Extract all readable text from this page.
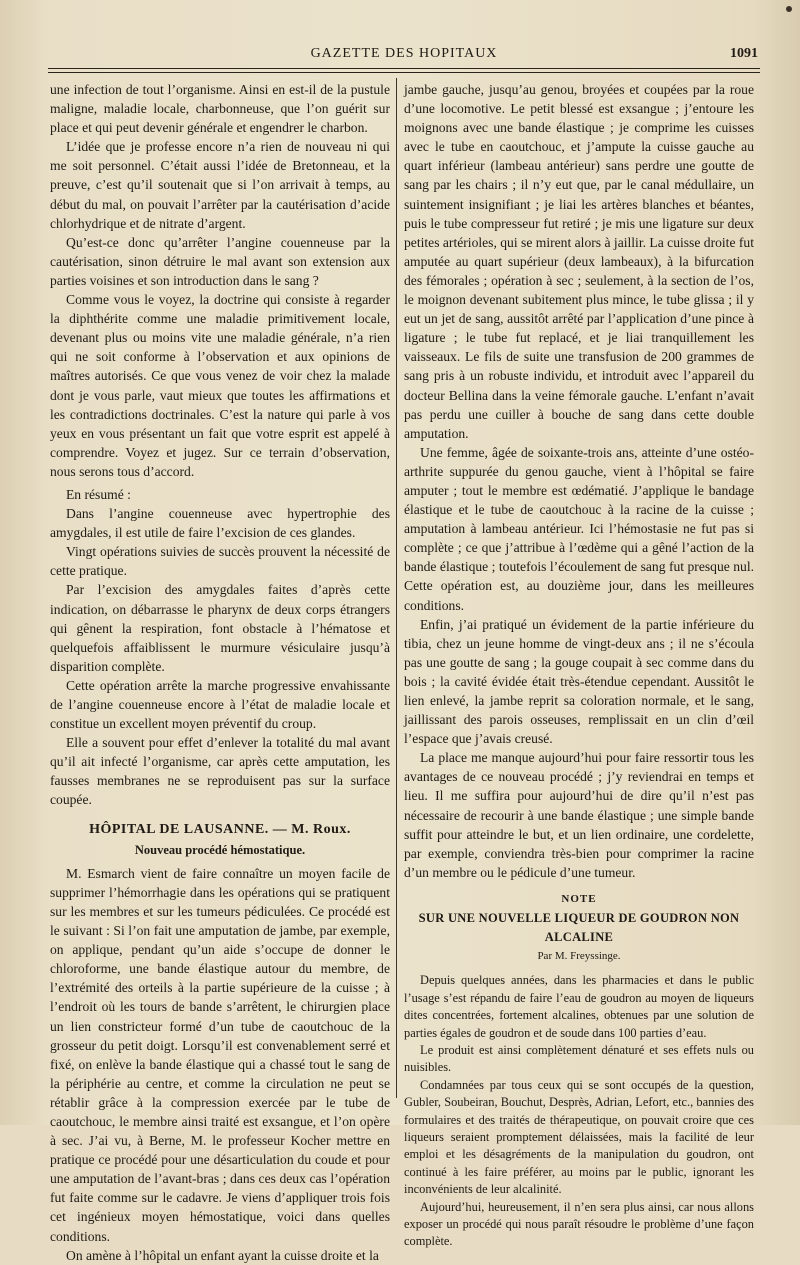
GAZETTE DES HOPITAUX	1091

une infection de tout l’organisme. Ainsi en est-il de la pustule maligne, maladie locale, charbonneuse, que l’on guérit sur place et qui peut devenir générale et engendrer le charbon.

L’idée que je professe encore n’a rien de nouveau ni qui me soit personnel. C’était aussi l’idée de Bretonneau, et la preuve, c’est qu’il soutenait que si l’on arrivait à temps, au début du mal, on pouvait l’arrêter par la cautérisation d’acide chlorhydrique et de nitrate d’argent.

Qu’est-ce donc qu’arrêter l’angine couenneuse par la cautérisation, sinon détruire le mal avant son extension aux parties voisines et son introduction dans le sang ?

Comme vous le voyez, la doctrine qui consiste à regarder la diphthérite comme une maladie primitivement locale, devenant plus ou moins vite une maladie générale, n’a rien qui ne soit conforme à l’observation et aux opinions de maîtres autorisés. Ce que vous venez de voir chez la malade dont je vous parle, vaut mieux que toutes les affirmations et les contradictions doctrinales. C’est la nature qui parle à vos yeux en vous présentant un fait que votre esprit est appelé à comprendre. Voyez et jugez. Sur ce terrain d’observation, nous serons tous d’accord.

En résumé :

Dans l’angine couenneuse avec hypertrophie des amygdales, il est utile de faire l’excision de ces glandes.

Vingt opérations suivies de succès prouvent la nécessité de cette pratique.

Par l’excision des amygdales faites d’après cette indication, on débarrasse le pharynx de deux corps étrangers qui gênent la respiration, font obstacle à l’hématose et quelquefois affaiblissent le murmure vésiculaire jusqu’à disparition complète.

Cette opération arrête la marche progressive envahissante de l’angine couenneuse encore à l’état de maladie locale et constitue un excellent moyen préventif du croup.

Elle a souvent pour effet d’enlever la totalité du mal avant qu’il ait infecté l’organisme, car après cette amputation, les fausses membranes ne se reproduisent pas sur la surface coupée.

HÔPITAL DE LAUSANNE. — M. Roux.
Nouveau procédé hémostatique.

M. Esmarch vient de faire connaître un moyen facile de supprimer l’hémorrhagie dans les opérations qui se pratiquent sur les membres et sur les tumeurs pédiculées. Ce procédé est le suivant : Si l’on fait une amputation de jambe, par exemple, on applique, pendant qu’un aide s’occupe de donner le chloroforme, une bande élastique autour du membre, de l’extrémité des orteils à la partie supérieure de la cuisse ; à l’endroit où les tours de bande s’arrêtent, le chirurgien place un lien constricteur formé d’un tube de caoutchouc de la grosseur du petit doigt. Lorsqu’il est convenablement serré et fixé, on enlève la bande élastique qui a chassé tout le sang de la périphérie au centre, et comme la circulation ne peut se rétablir grâce à la compression exercée par le tube de caoutchouc, le membre ainsi traité est exsangue, et l’on opère à sec. J’ai vu, à Berne, M. le professeur Kocher mettre en pratique ce procédé pour une désarticulation du coude et pour une amputation de l’avant-bras ; dans ces deux cas l’opération fut faite comme sur le cadavre. Je viens d’appliquer trois fois cet ingénieux moyen hémostatique, voici dans quelles conditions.

On amène à l’hôpital un enfant ayant la cuisse droite et la

jambe gauche, jusqu’au genou, broyées et coupées par la roue d’une locomotive. Le petit blessé est exsangue ; j’entoure les moignons avec une bande élastique ; je comprime les cuisses avec le tube en caoutchouc, et j’ampute la cuisse gauche au quart inférieur (lambeau antérieur) sans perdre une goutte de sang par les chairs ; il n’y eut que, par le canal médullaire, un suintement insignifiant ; je liai les artères blanches et béantes, puis le tube compresseur fut retiré ; je mis une ligature sur deux petites artérioles, qui se mirent alors à jaillir. La cuisse droite fut amputée au quart supérieur (deux lambeaux), à la bifurcation des fémorales ; opération à sec ; seulement, à la section de l’os, le moignon devenant subitement plus mince, le tube glissa ; il y eut un jet de sang, aussitôt arrêté par l’application d’une pince à ligature ; le tube fut replacé, et je liai tranquillement les vaisseaux. Le fils de suite une transfusion de 200 grammes de sang pris à un robuste individu, et introduit avec l’appareil du docteur Bellina dans la veine fémorale gauche. L’enfant n’avait pas perdu une cuiller à bouche de sang dans cette double amputation.

Une femme, âgée de soixante-trois ans, atteinte d’une ostéo-arthrite suppurée du genou gauche, vient à l’hôpital se faire amputer ; tout le membre est œdématié. J’applique le bandage élastique et le tube de caoutchouc à la racine de la cuisse ; amputation à lambeau antérieur. Ici l’hémostasie ne fut pas si complète ; ce que j’attribue à l’œdème qui a gêné l’action de la bande élastique ; toutefois l’écoulement de sang fut presque nul. Cette opération est, au douzième jour, dans les meilleures conditions.

Enfin, j’ai pratiqué un évidement de la partie inférieure du tibia, chez un jeune homme de vingt-deux ans ; il ne s’écoula pas une goutte de sang ; la gouge coupait à sec comme dans du bois ; la cavité évidée était très-étendue cependant. Aussitôt le lien enlevé, la jambe reprit sa coloration normale, et le sang, jaillissant des parois osseuses, remplissait en un clin d’œil l’espace que j’avais creusé.

La place me manque aujourd’hui pour faire ressortir tous les avantages de ce nouveau procédé ; j’y reviendrai en temps et lieu. Il me suffira pour aujourd’hui de dire qu’il n’est pas nécessaire de recourir à une bande élastique ; une simple bande suffit pour atteindre le but, et un lien ordinaire, une cordelette, par exemple, conviendra très-bien pour comprimer la racine d’un membre ou le pédicule d’une tumeur.

NOTE
SUR UNE NOUVELLE LIQUEUR DE GOUDRON NON ALCALINE
Par M. Freyssinge.

Depuis quelques années, dans les pharmacies et dans le public l’usage s’est répandu de faire l’eau de goudron au moyen de liqueurs dites concentrées, fortement alcalines, obtenues par une solution de parties égales de goudron et de soude dans 100 parties d’eau.

Le produit est ainsi complètement dénaturé et ses effets nuls ou nuisibles.

Condamnées par tous ceux qui se sont occupés de la question, Gubler, Soubeiran, Bouchut, Desprès, Adrian, Lefort, etc., bannies des formulaires et des traités de thérapeutique, on pouvait croire que ces liqueurs seraient promptement délaissées, mais la facilité de leur emploi et les désagréments de la manipulation du goudron, ont continué à les faire préférer, au moins par le public, ignorant les inconvénients de leur alcalinité.

Aujourd’hui, heureusement, il n’en sera plus ainsi, car nous allons exposer un procédé qui nous paraît résoudre le problème d’une façon complète.
